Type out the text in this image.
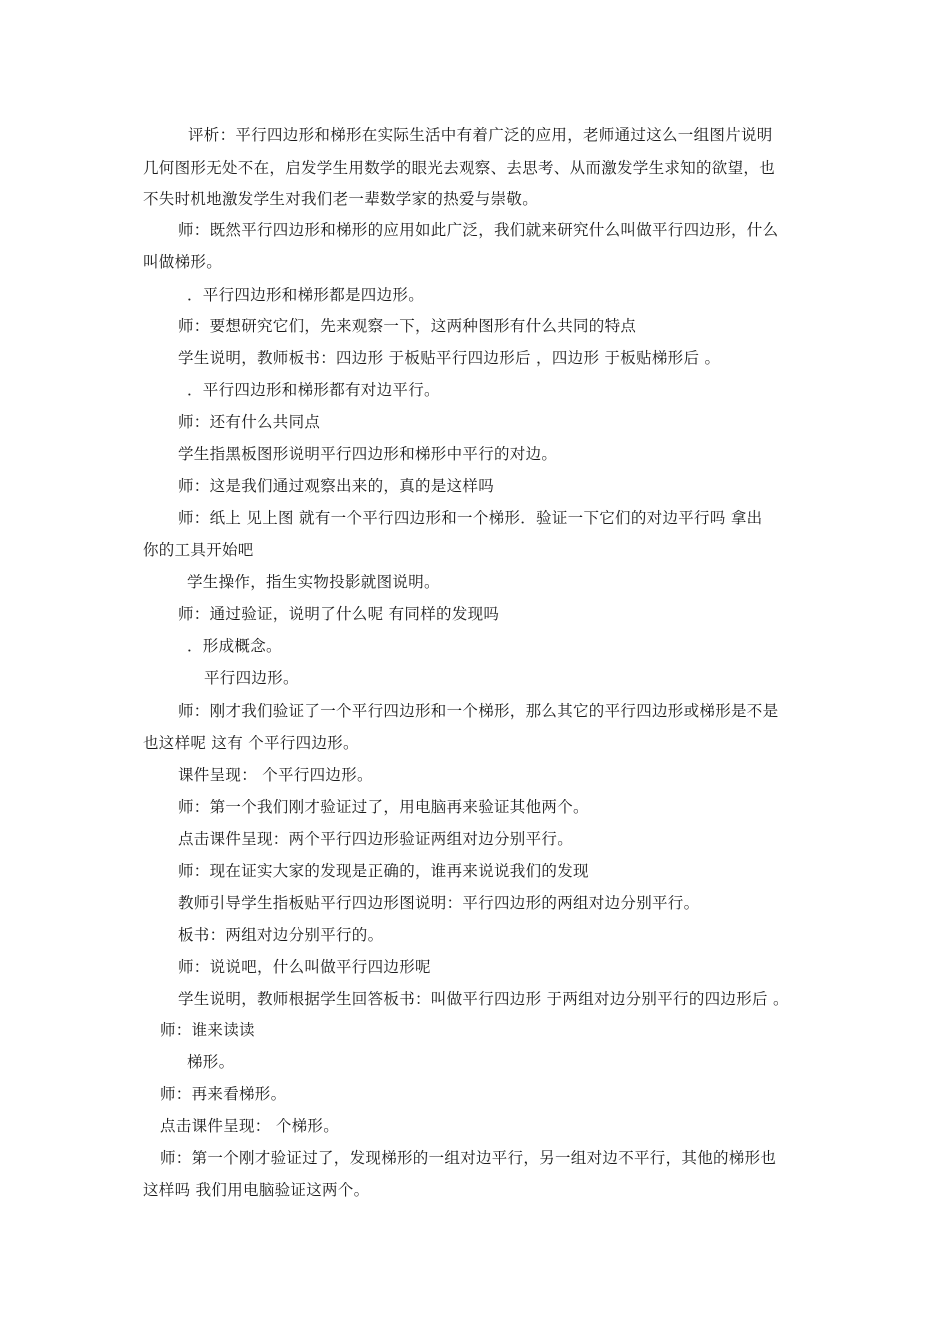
评析：平行四边形和梯形在实际生活中有着广泛的应用，老师通过这么一组图片说明
几何图形无处不在，启发学生用数学的眼光去观察、去思考、从而激发学生求知的欲望，也
不失时机地激发学生对我们老一辈数学家的热爱与崇敬。
师：既然平行四边形和梯形的应用如此广泛，我们就来研究什么叫做平行四边形，什么
叫做梯形。
．平行四边形和梯形都是四边形。
师：要想研究它们，先来观察一下，这两种图形有什么共同的特点
学生说明，教师板书：四边形 于板贴平行四边形后 ，四边形 于板贴梯形后 。
．平行四边形和梯形都有对边平行。
师：还有什么共同点
学生指黑板图形说明平行四边形和梯形中平行的对边。
师：这是我们通过观察出来的，真的是这样吗
师：纸上 见上图 就有一个平行四边形和一个梯形．验证一下它们的对边平行吗 拿出
你的工具开始吧
学生操作，指生实物投影就图说明。
师：通过验证，说明了什么呢 有同样的发现吗
．形成概念。
平行四边形。
师：刚才我们验证了一个平行四边形和一个梯形，那么其它的平行四边形或梯形是不是
也这样呢 这有 个平行四边形。
课件呈现： 个平行四边形。
师：第一个我们刚才验证过了，用电脑再来验证其他两个。
点击课件呈现：两个平行四边形验证两组对边分别平行。
师：现在证实大家的发现是正确的，谁再来说说我们的发现
教师引导学生指板贴平行四边形图说明：平行四边形的两组对边分别平行。
板书：两组对边分别平行的。
师：说说吧，什么叫做平行四边形呢
学生说明，教师根据学生回答板书：叫做平行四边形 于两组对边分别平行的四边形后 。
师：谁来读读
梯形。
师：再来看梯形。
点击课件呈现： 个梯形。
师：第一个刚才验证过了，发现梯形的一组对边平行，另一组对边不平行，其他的梯形也
这样吗 我们用电脑验证这两个。
